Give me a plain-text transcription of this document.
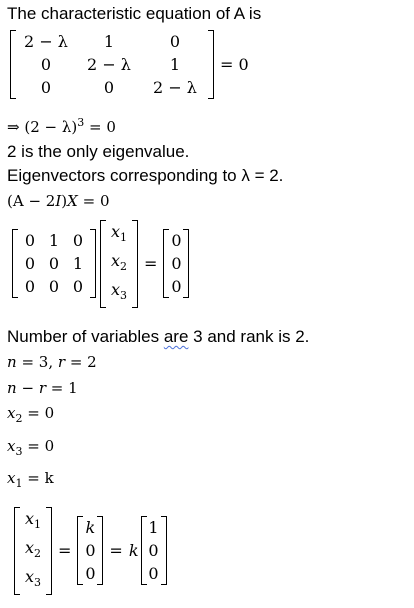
The characteristic equation of A is
2 − λ	1	0
0	2 − λ	1
0	0	2 − λ
= 0
⇒ $(2 - \lambda)^3 = 0$
2 is the only eigenvalue.
Eigenvectors corresponding to λ = 2.
(A − 2I)X = 0
0 1 0
0 0 1
0 0 0
$x_1$
$x_2$
$x_3$
=
0
0
0
Number of variables are 3 and rank is 2.
n = 3, r = 2
n − r = 1
$x_2 = 0$
$x_3 = 0$
$x_1 = k$
$x_1$
$x_2$
$x_3$
=
k
0
0
= k
1
0
0
